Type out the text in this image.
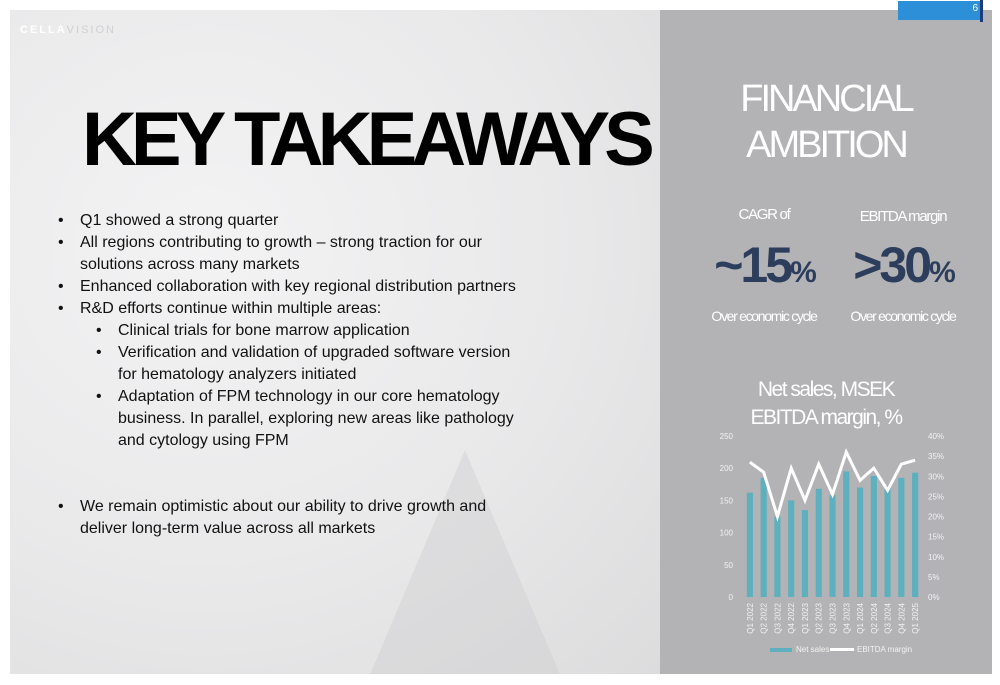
CELLAVISION
6
KEY TAKEAWAYS
• Q1 showed a strong quarter
• All regions contributing to growth – strong traction for our solutions across many markets
• Enhanced collaboration with key regional distribution partners
• R&D efforts continue within multiple areas:
• Clinical trials for bone marrow application
• Verification and validation of upgraded software version for hematology analyzers initiated
• Adaptation of FPM technology in our core hematology business. In parallel, exploring new areas like pathology and cytology using FPM
• We remain optimistic about our ability to drive growth and deliver long-term value across all markets
FINANCIAL
AMBITION
CAGR of
~15%
Over economic cycle
EBITDA margin
>30%
Over economic cycle
Net sales, MSEK
EBITDA margin, %
0
50
100
150
200
250
0%
5%
10%
15%
20%
25%
30%
35%
40%
Q1 2022 Q2 2022 Q3 2022 Q4 2022 Q1 2023 Q2 2023 Q3 2023 Q4 2023 Q1 2024 Q2 2024 Q3 2024 Q4 2024 Q1 2025
Net sales	EBITDA margin
